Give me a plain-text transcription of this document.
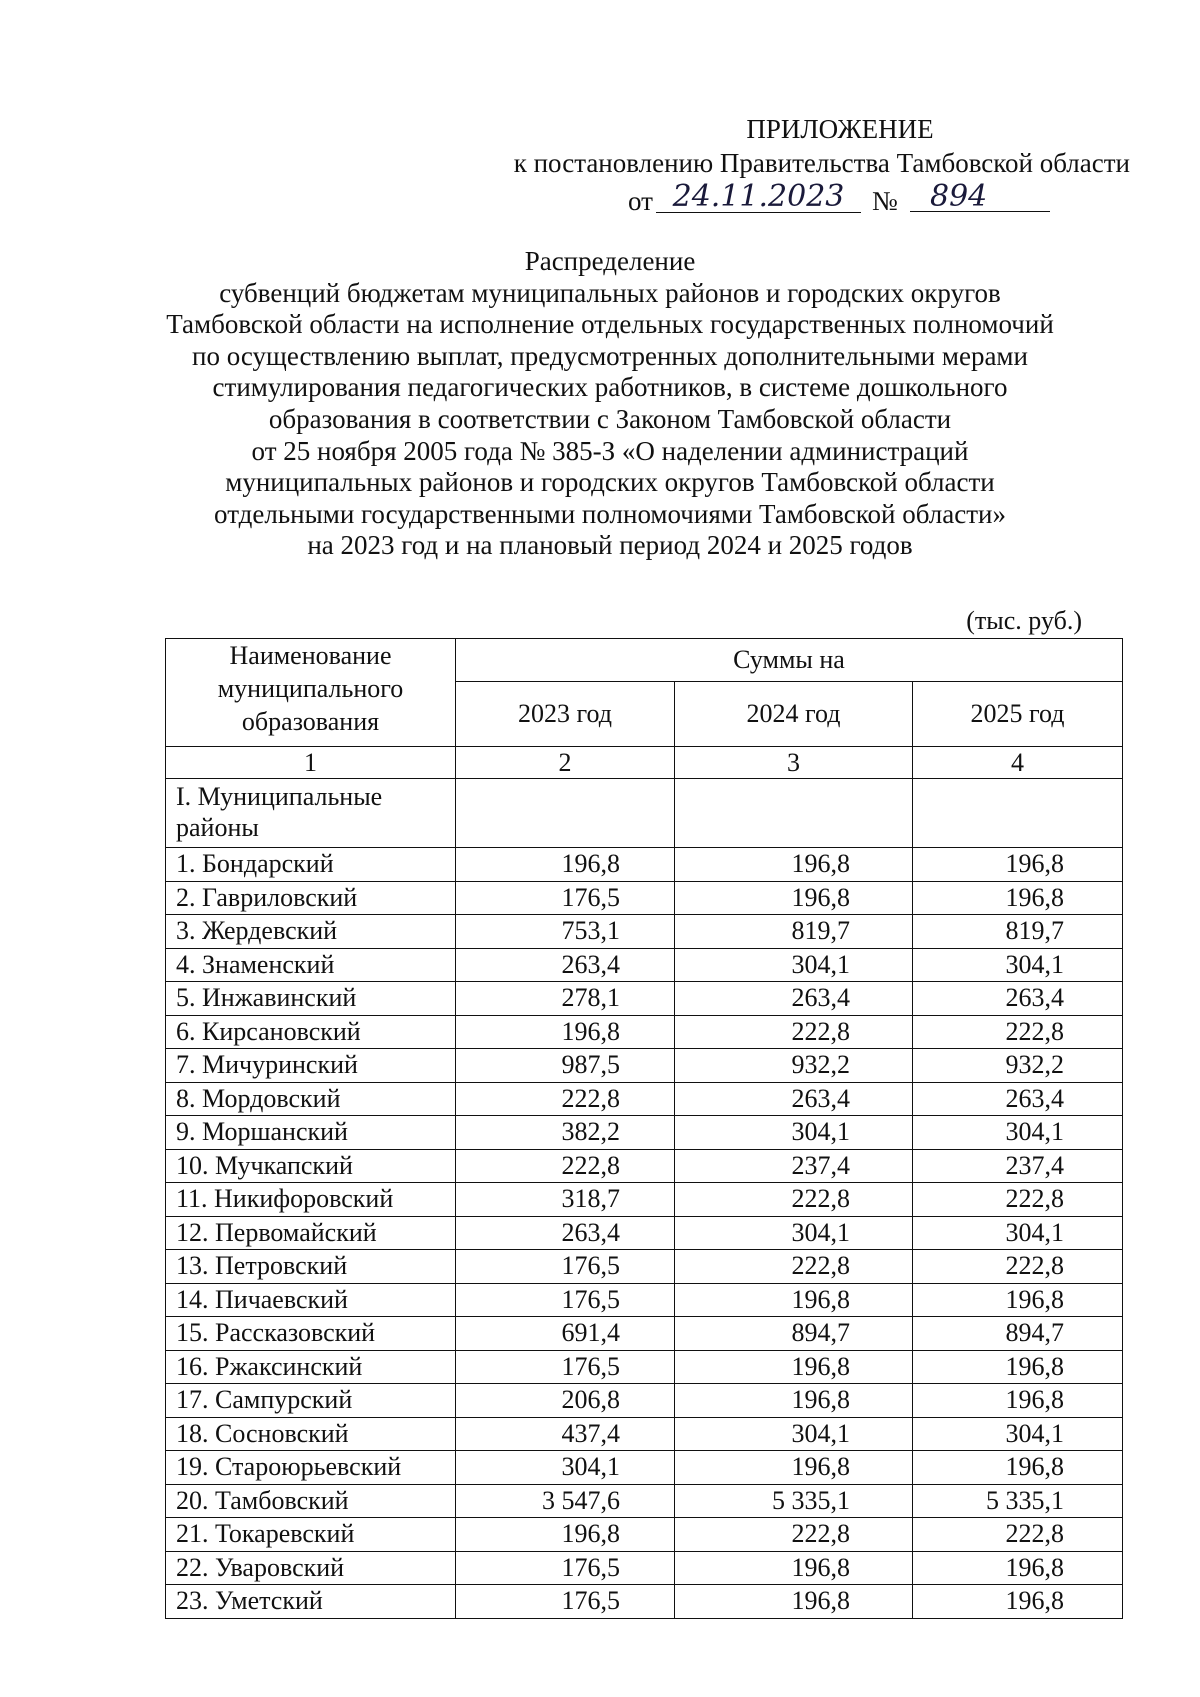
ПРИЛОЖЕНИЕ
к постановлению Правительства Тамбовской области
от 24.11.2023	№	894
Распределение
субвенций бюджетам муниципальных районов и городских округов
Тамбовской области на исполнение отдельных государственных полномочий
по осуществлению выплат, предусмотренных дополнительными мерами
стимулирования педагогических работников, в системе дошкольного
образования в соответствии с Законом Тамбовской области
от 25 ноября 2005 года № 385-З «О наделении администраций
муниципальных районов и городских округов Тамбовской области
отдельными государственными полномочиями Тамбовской области»
на 2023 год и на плановый период 2024 и 2025 годов
(тыс. руб.)
Наименование муниципального образования	Суммы на		
	2023 год	2024 год	2025 год
1	2	3	4
I. Муниципальные районы			
1. Бондарский	196,8	196,8	196,8
2. Гавриловский	176,5	196,8	196,8
3. Жердевский	753,1	819,7	819,7
4. Знаменский	263,4	304,1	304,1
5. Инжавинский	278,1	263,4	263,4
6. Кирсановский	196,8	222,8	222,8
7. Мичуринский	987,5	932,2	932,2
8. Мордовский	222,8	263,4	263,4
9. Моршанский	382,2	304,1	304,1
10. Мучкапский	222,8	237,4	237,4
11. Никифоровский	318,7	222,8	222,8
12. Первомайский	263,4	304,1	304,1
13. Петровский	176,5	222,8	222,8
14. Пичаевский	176,5	196,8	196,8
15. Рассказовский	691,4	894,7	894,7
16. Ржаксинский	176,5	196,8	196,8
17. Сампурский	206,8	196,8	196,8
18. Сосновский	437,4	304,1	304,1
19. Староюрьевский	304,1	196,8	196,8
20. Тамбовский	3 547,6	5 335,1	5 335,1
21. Токаревский	196,8	222,8	222,8
22. Уваровский	176,5	196,8	196,8
23. Уметский	176,5	196,8	196,8
